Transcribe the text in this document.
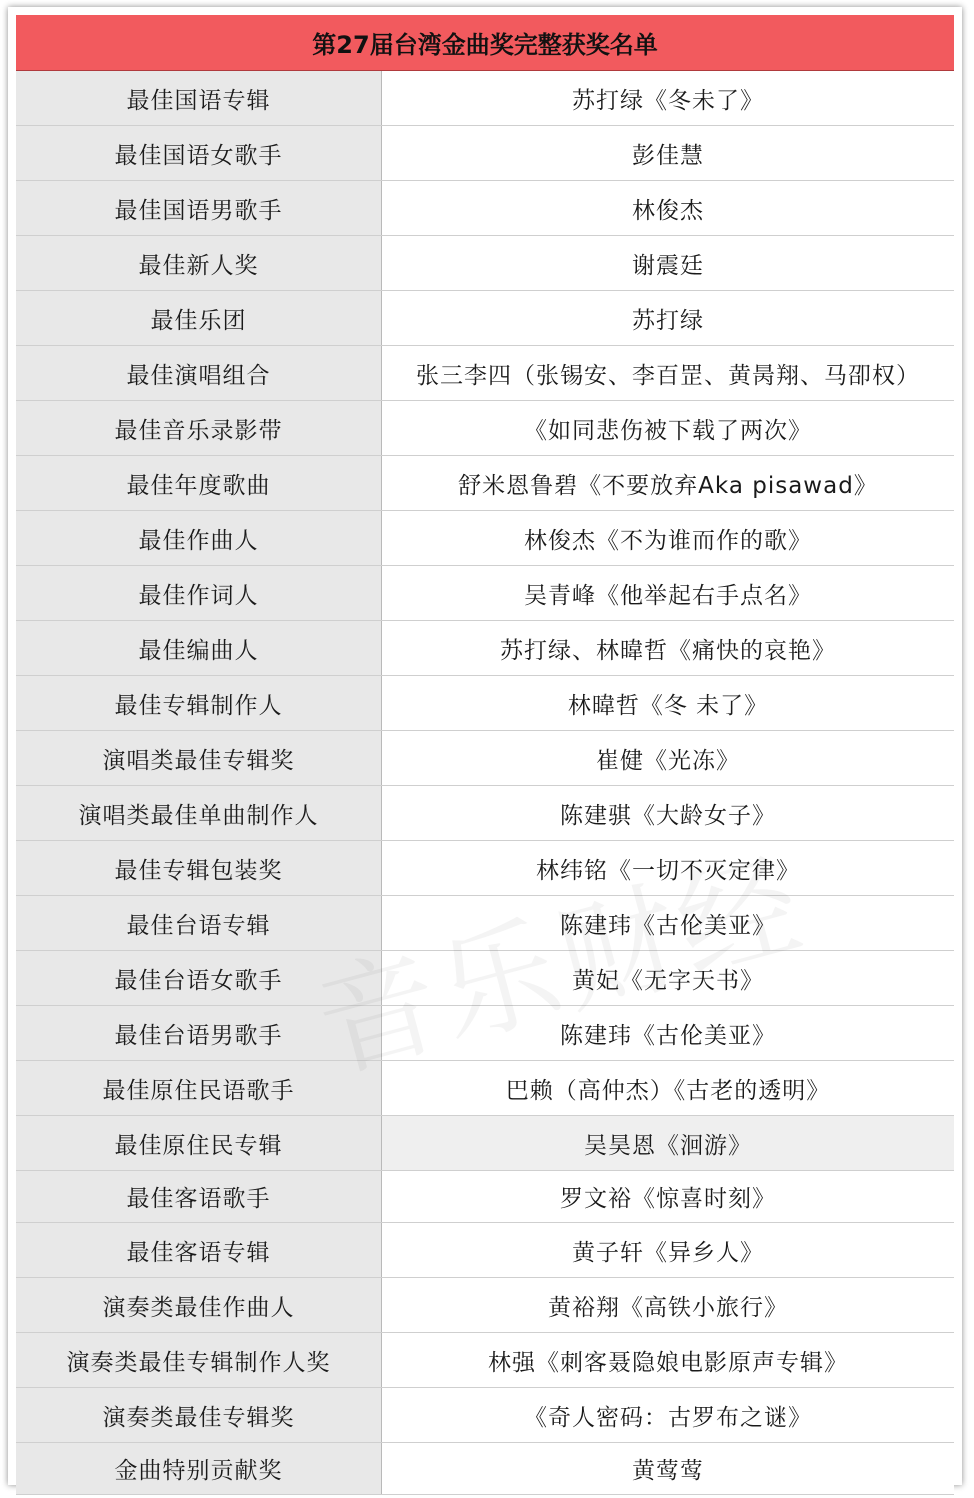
第27届台湾金曲奖完整获奖名单
最佳国语专辑	苏打绿《冬未了》
最佳国语女歌手	彭佳慧
最佳国语男歌手	林俊杰
最佳新人奖	谢震廷
最佳乐团	苏打绿
最佳演唱组合	张三李四（张锡安、李百罡、黄昺翔、马卲权）
最佳音乐录影带	《如同悲伤被下载了两次》
最佳年度歌曲	舒米恩鲁碧《不要放弃Aka pisawad》
最佳作曲人	林俊杰《不为谁而作的歌》
最佳作词人	吴青峰《他举起右手点名》
最佳编曲人	苏打绿、林暐哲《痛快的哀艳》
最佳专辑制作人	林暐哲《冬 未了》
演唱类最佳专辑奖	崔健《光冻》
演唱类最佳单曲制作人	陈建骐《大龄女子》
最佳专辑包装奖	林纬铭《一切不灭定律》
最佳台语专辑	陈建玮《古伦美亚》
最佳台语女歌手	黄妃《无字天书》
最佳台语男歌手	陈建玮《古伦美亚》
最佳原住民语歌手	巴赖（高仲杰）《古老的透明》
最佳原住民专辑	吴昊恩《洄游》
最佳客语歌手	罗文裕《惊喜时刻》
最佳客语专辑	黄子轩《异乡人》
演奏类最佳作曲人	黄裕翔《高铁小旅行》
演奏类最佳专辑制作人奖	林强《刺客聂隐娘电影原声专辑》
演奏类最佳专辑奖	《奇人密码：古罗布之谜》
金曲特别贡献奖	黄莺莺
